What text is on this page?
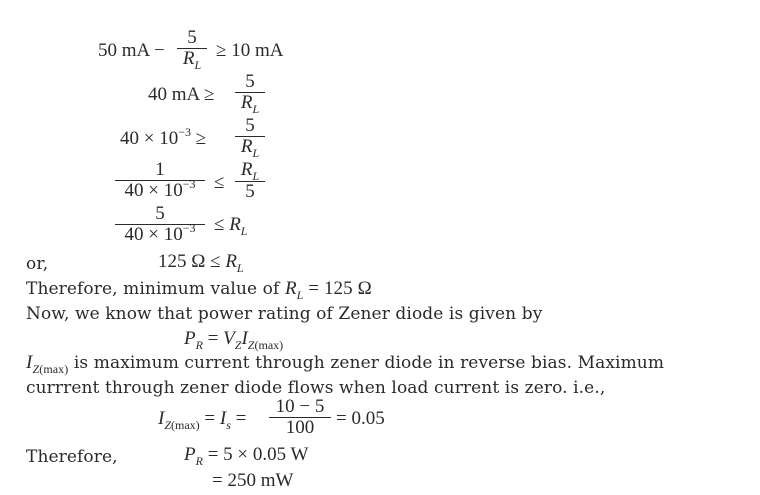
50 mA −
5
$R_L$
≥ 10 mA
40 mA ≥
5
$R_L$
$40 \times 10^{-3}$ ≥
5
$R_L$
1
$40 \times 10^{-3}$ ≤
$R_L$
5
5
$40 \times 10^{-3} \le R_L$
or,	125 $\Omega \le R_L$
Therefore, minimum value of $R_L = 125$ Ω
Now, we know that power rating of Zener diode is given by
$P_R = V_ZI_{Z(max)}$
$I_{Z(max)}$ is maximum current through zener diode in reverse bias. Maximum
currrent through zener diode flows when load current is zero. i.e.,
$I_{Z(max)} = I_s$ =
10 − 5
100	= 0.05
Therefore,	$P_R = 5 \times 0.05$ W
= 250 mW
